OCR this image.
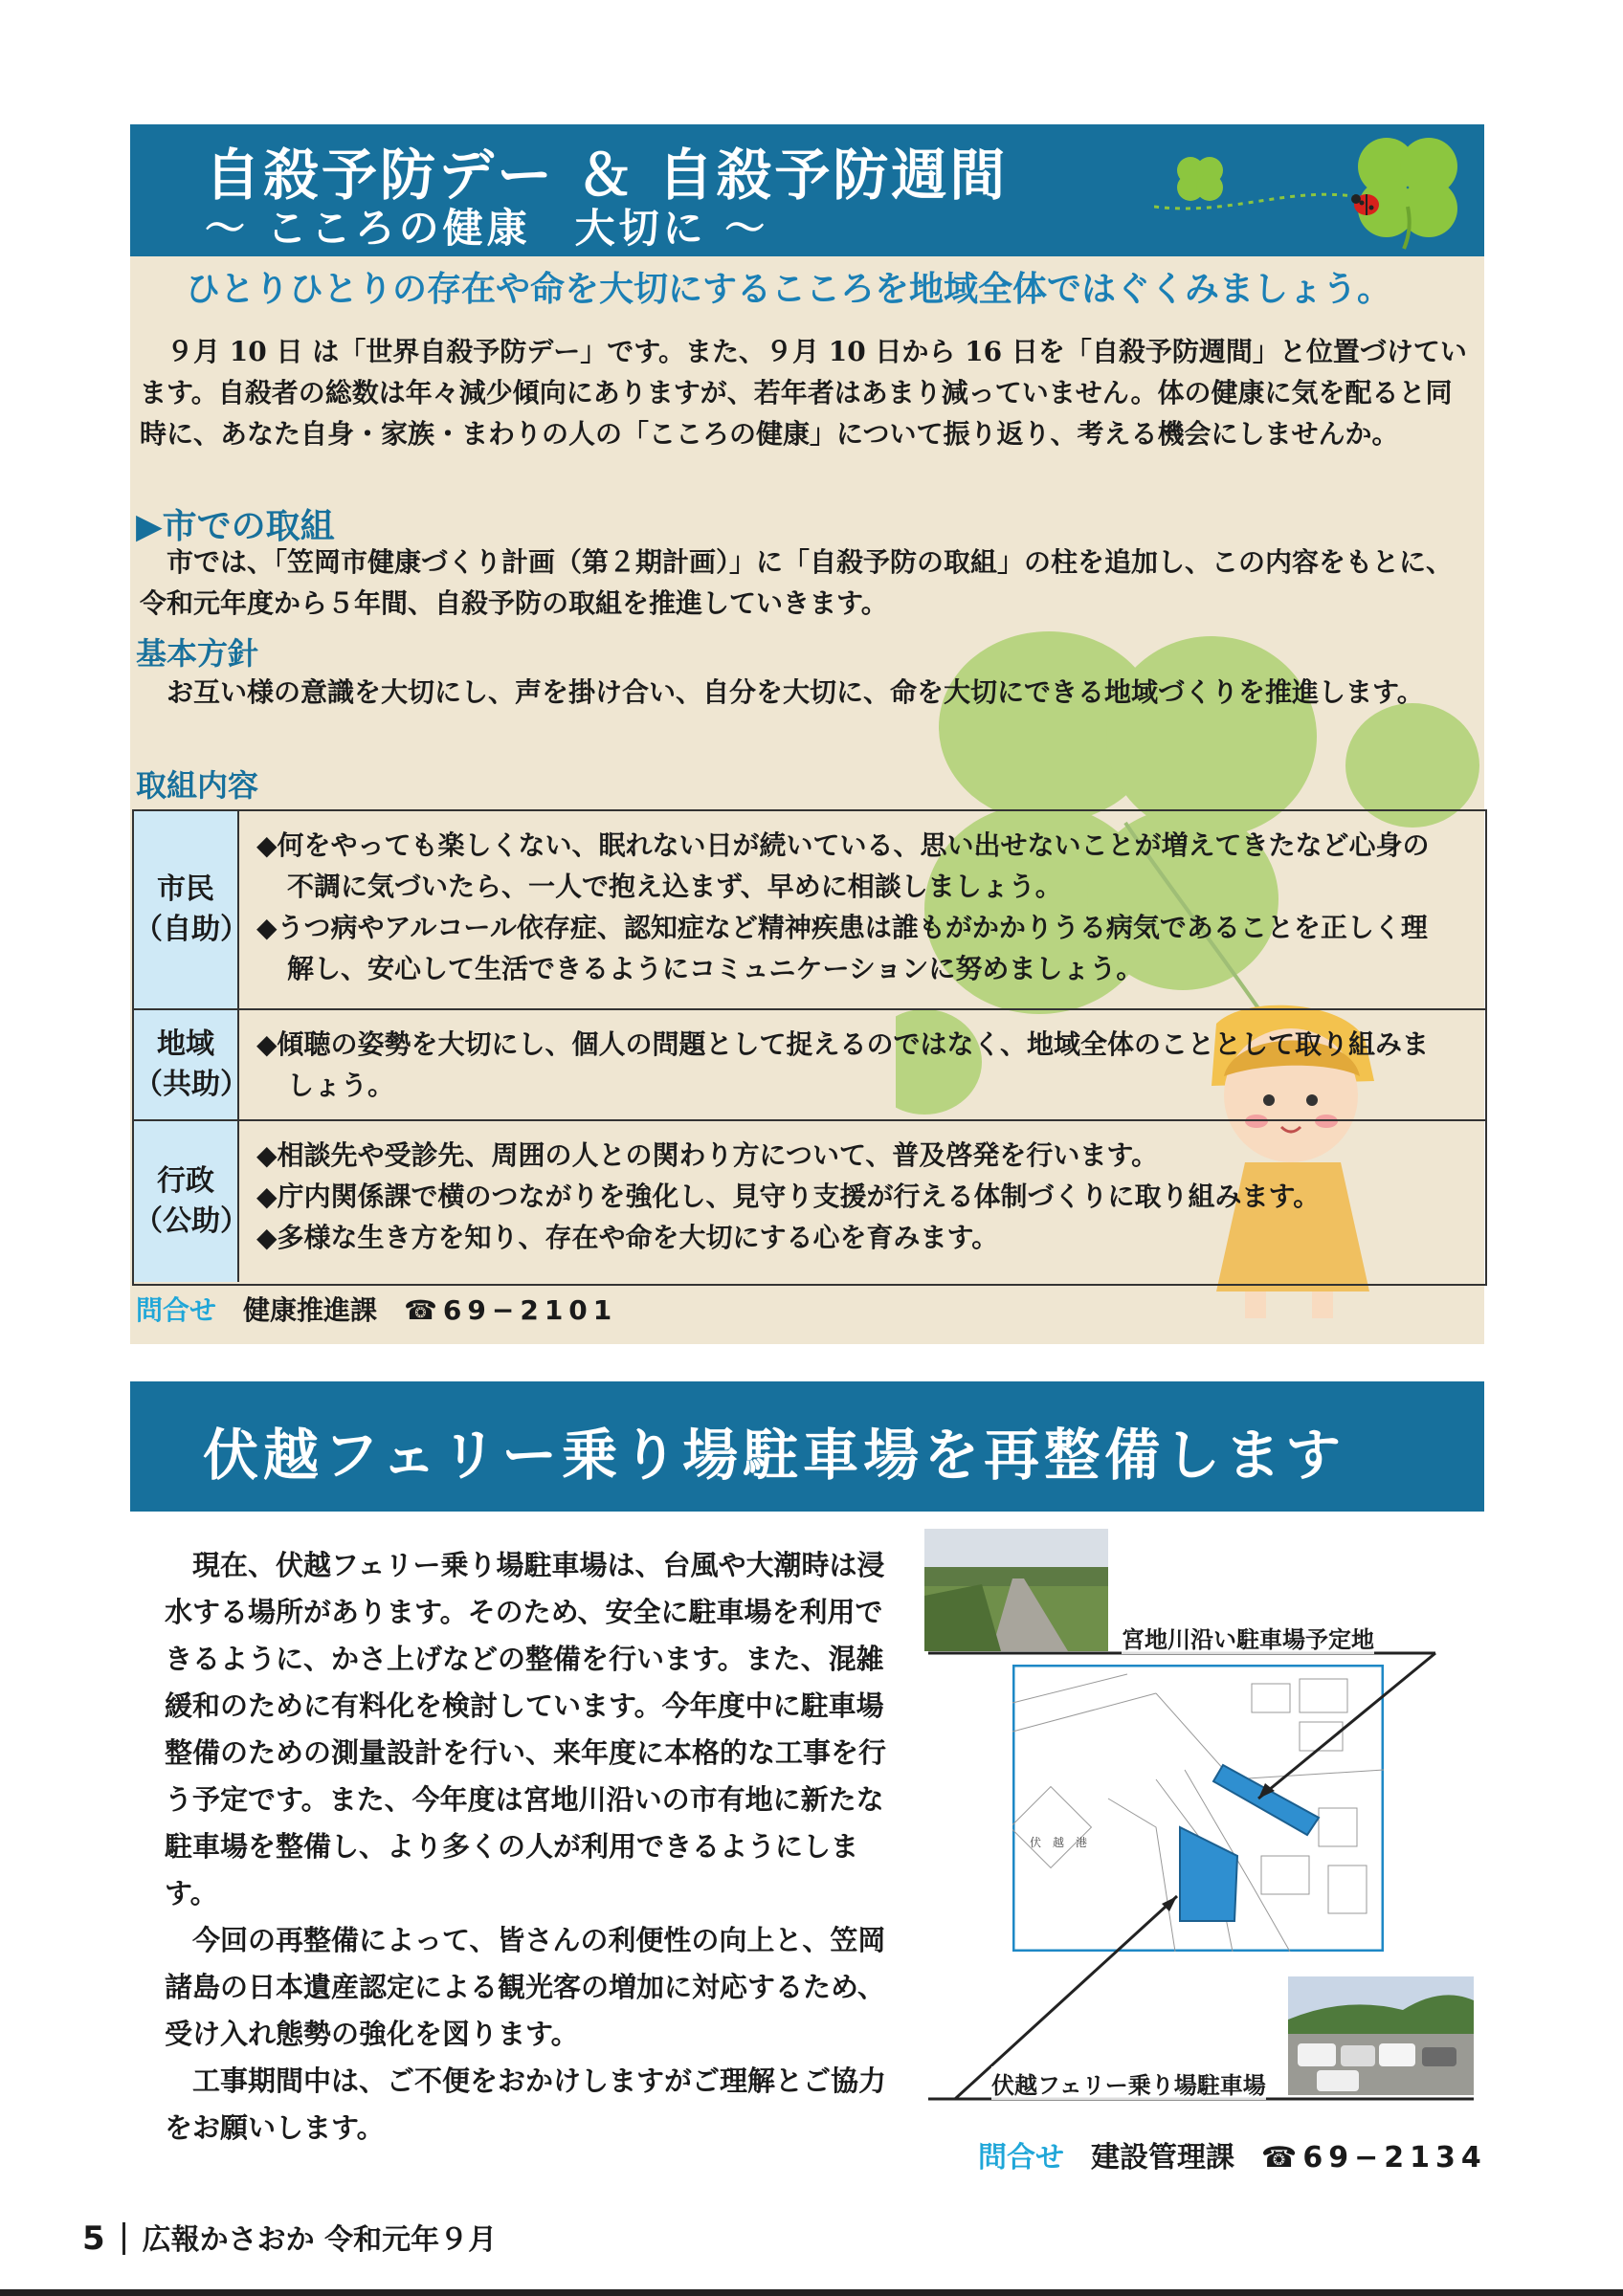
自殺予防デー ＆ 自殺予防週間
～ こころの健康　大切に ～
ひとりひとりの存在や命を大切にするこころを地域全体ではぐくみましょう。

　９月 10 日 は「世界自殺予防デー」です。また、９月 10 日から 16 日を「自殺予防週間」と位置づけています。自殺者の総数は年々減少傾向にありますが、若年者はあまり減っていません。体の健康に気を配ると同時に、あなた自身・家族・まわりの人の「こころの健康」について振り返り、考える機会にしませんか。

▶市での取組

　市では、「笠岡市健康づくり計画（第２期計画）」に「自殺予防の取組」の柱を追加し、この内容をもとに、令和元年度から５年間、自殺予防の取組を推進していきます。

基本方針

　お互い様の意識を大切にし、声を掛け合い、自分を大切に、命を大切にできる地域づくりを推進します。

取組内容
市民
（自助）
◆何をやっても楽しくない、眠れない日が続いている、思い出せないことが増えてきたなど心身の不調に気づいたら、一人で抱え込まず、早めに相談しましょう。
◆うつ病やアルコール依存症、認知症など精神疾患は誰もがかかりうる病気であることを正しく理解し、安心して生活できるようにコミュニケーションに努めましょう。
地域
（共助）
◆傾聴の姿勢を大切にし、個人の問題として捉えるのではなく、地域全体のこととして取り組みましょう。
行政
（公助）
◆相談先や受診先、周囲の人との関わり方について、普及啓発を行います。
◆庁内関係課で横のつながりを強化し、見守り支援が行える体制づくりに取り組みます。
◆多様な生き方を知り、存在や命を大切にする心を育みます。
問合せ 健康推進課 ☎69−2101
伏越フェリー乗り場駐車場を再整備します

現在、伏越フェリー乗り場駐車場は、台風や大潮時は浸水する場所があります。そのため、安全に駐車場を利用できるように、かさ上げなどの整備を行います。また、混雑緩和のために有料化を検討しています。今年度中に駐車場整備のための測量設計を行い、来年度に本格的な工事を行う予定です。また、今年度は宮地川沿いの市有地に新たな駐車場を整備し、より多くの人が利用できるようにします。

今回の再整備によって、皆さんの利便性の向上と、笠岡諸島の日本遺産認定による観光客の増加に対応するため、受け入れ態勢の強化を図ります。

工事期間中は、ご不便をおかけしますがご理解とご協力をお願いします。

伏　越　港
宮地川沿い駐車場予定地
伏越フェリー乗り場駐車場
問合せ 建設管理課 ☎69−2134
5 広報かさおか 令和元年９月
